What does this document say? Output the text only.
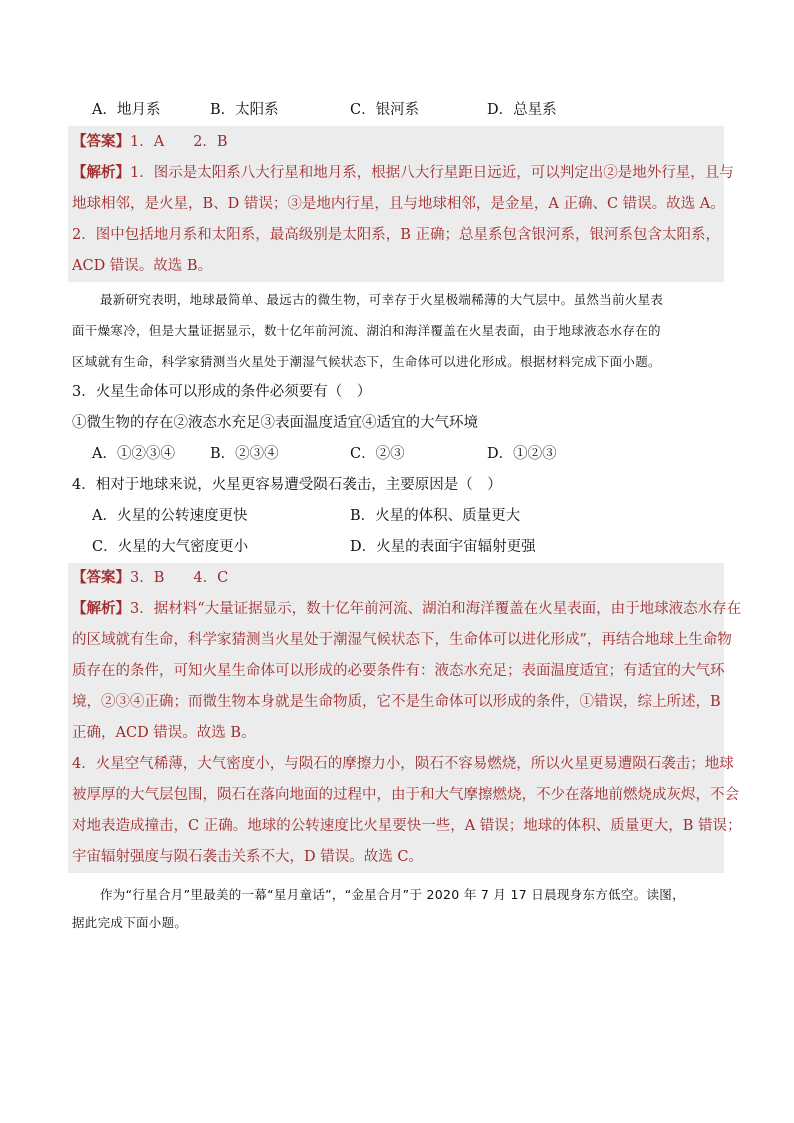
A．地月系	B．太阳系	C．银河系	D．总星系
【答案】1．A　　2．B
【解析】1．图示是太阳系八大行星和地月系，根据八大行星距日远近，可以判定出②是地外行星，且与
地球相邻，是火星，B、D 错误；③是地内行星，且与地球相邻，是金星，A 正确、C 错误。故选 A。
2．图中包括地月系和太阳系，最高级别是太阳系，B 正确；总星系包含银河系，银河系包含太阳系，
ACD 错误。故选 B。
最新研究表明，地球最简单、最远古的微生物，可幸存于火星极端稀薄的大气层中。虽然当前火星表
面干燥寒冷，但是大量证据显示，数十亿年前河流、湖泊和海洋覆盖在火星表面，由于地球液态水存在的
区域就有生命，科学家猜测当火星处于潮湿气候状态下，生命体可以进化形成。根据材料完成下面小题。
3．火星生命体可以形成的条件必须要有（　）
①微生物的存在②液态水充足③表面温度适宜④适宜的大气环境
A．①②③④ B．②③④	C．②③	D．①②③
4．相对于地球来说，火星更容易遭受陨石袭击，主要原因是（　）
A．火星的公转速度更快	B．火星的体积、质量更大
C．火星的大气密度更小	D．火星的表面宇宙辐射更强
【答案】3．B　　4．C
【解析】3．据材料“大量证据显示，数十亿年前河流、湖泊和海洋覆盖在火星表面，由于地球液态水存在
的区域就有生命，科学家猜测当火星处于潮湿气候状态下，生命体可以进化形成”，再结合地球上生命物
质存在的条件，可知火星生命体可以形成的必要条件有：液态水充足；表面温度适宜；有适宜的大气环
境，②③④正确；而微生物本身就是生命物质，它不是生命体可以形成的条件，①错误，综上所述，B
正确，ACD 错误。故选 B。
4．火星空气稀薄，大气密度小，与陨石的摩擦力小，陨石不容易燃烧，所以火星更易遭陨石袭击；地球
被厚厚的大气层包围，陨石在落向地面的过程中，由于和大气摩擦燃烧，不少在落地前燃烧成灰烬，不会
对地表造成撞击，C 正确。地球的公转速度比火星要快一些，A 错误；地球的体积、质量更大，B 错误；
宇宙辐射强度与陨石袭击关系不大，D 错误。故选 C。
作为“行星合月”里最美的一幕“星月童话”，“金星合月”于 2020 年 7 月 17 日晨现身东方低空。读图，
据此完成下面小题。
